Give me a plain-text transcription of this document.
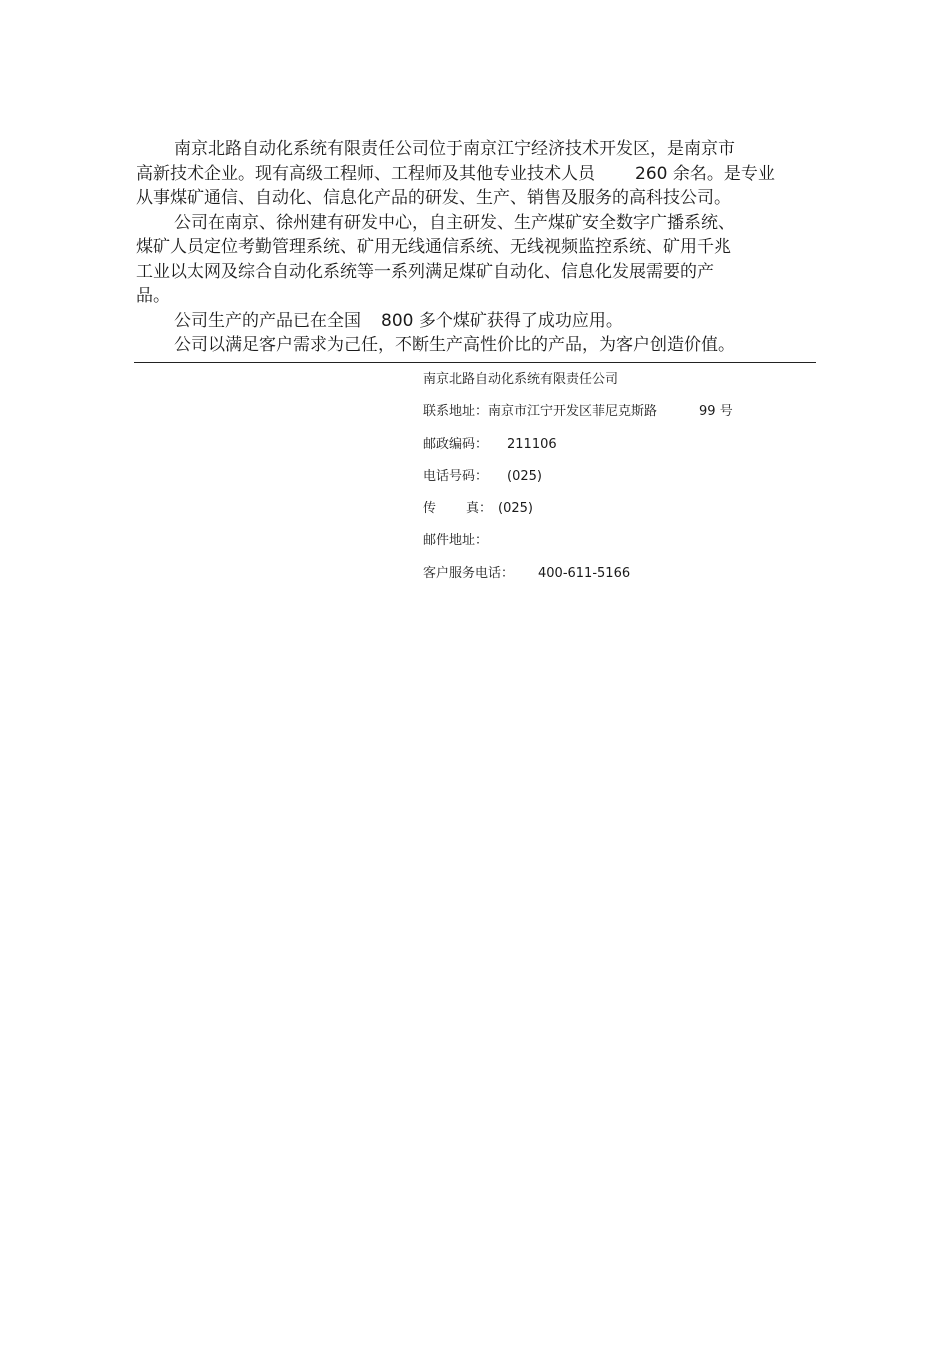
南京北路自动化系统有限责任公司位于南京江宁经济技术开发区，是南京市
高新技术企业。现有高级工程师、工程师及其他专业技术人员 260 余名。是专业
从事煤矿通信、自动化、信息化产品的研发、生产、销售及服务的高科技公司。
公司在南京、徐州建有研发中心，自主研发、生产煤矿安全数字广播系统、
煤矿人员定位考勤管理系统、矿用无线通信系统、无线视频监控系统、矿用千兆
工业以太网及综合自动化系统等一系列满足煤矿自动化、信息化发展需要的产
品。
公司生产的产品已在全国 800 多个煤矿获得了成功应用。
公司以满足客户需求为己任，不断生产高性价比的产品，为客户创造价值。
南京北路自动化系统有限责任公司
联系地址：南京市江宁开发区菲尼克斯路	99 号
邮政编码： 211106
电话号码： (025)
传 真： (025)
邮件地址：
客户服务电话： 400-611-5166
